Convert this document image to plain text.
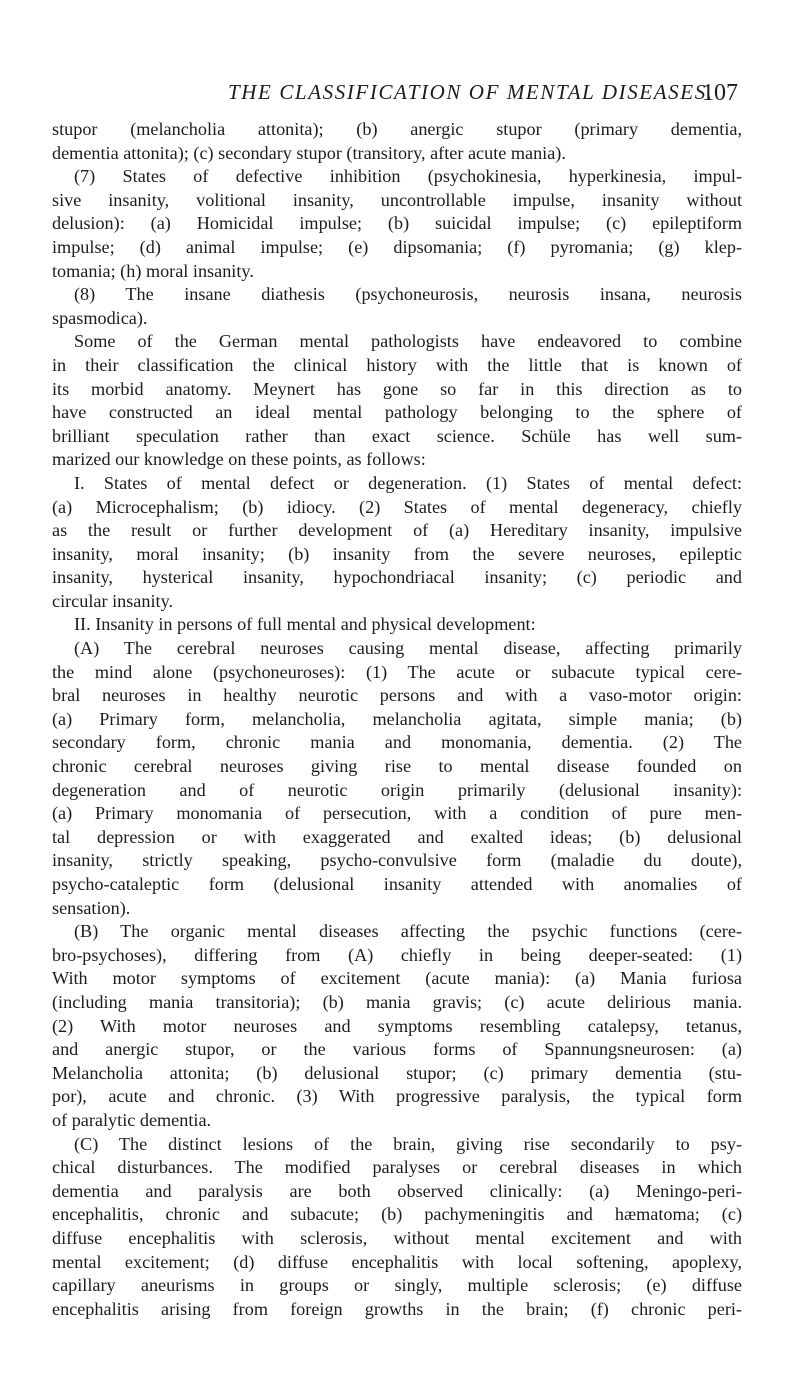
THE CLASSIFICATION OF MENTAL DISEASES.
107
stupor (melancholia attonita); (b) anergic stupor (primary dementia,
dementia attonita); (c) secondary stupor (transitory, after acute mania).
(7) States of defective inhibition (psychokinesia, hyperkinesia, impul-
sive insanity, volitional insanity, uncontrollable impulse, insanity without
delusion): (a) Homicidal impulse; (b) suicidal impulse; (c) epileptiform
impulse; (d) animal impulse; (e) dipsomania; (f) pyromania; (g) klep-
tomania; (h) moral insanity.
(8) The insane diathesis (psychoneurosis, neurosis insana, neurosis
spasmodica).
Some of the German mental pathologists have endeavored to combine
in their classification the clinical history with the little that is known of
its morbid anatomy. Meynert has gone so far in this direction as to
have constructed an ideal mental pathology belonging to the sphere of
brilliant speculation rather than exact science. Schüle has well sum-
marized our knowledge on these points, as follows:
I. States of mental defect or degeneration. (1) States of mental defect:
(a) Microcephalism; (b) idiocy. (2) States of mental degeneracy, chiefly
as the result or further development of (a) Hereditary insanity, impulsive
insanity, moral insanity; (b) insanity from the severe neuroses, epileptic
insanity, hysterical insanity, hypochondriacal insanity; (c) periodic and
circular insanity.
II. Insanity in persons of full mental and physical development:
(A) The cerebral neuroses causing mental disease, affecting primarily
the mind alone (psychoneuroses): (1) The acute or subacute typical cere-
bral neuroses in healthy neurotic persons and with a vaso-motor origin:
(a) Primary form, melancholia, melancholia agitata, simple mania; (b)
secondary form, chronic mania and monomania, dementia. (2) The
chronic cerebral neuroses giving rise to mental disease founded on
degeneration and of neurotic origin primarily (delusional insanity):
(a) Primary monomania of persecution, with a condition of pure men-
tal depression or with exaggerated and exalted ideas; (b) delusional
insanity, strictly speaking, psycho-convulsive form (maladie du doute),
psycho-cataleptic form (delusional insanity attended with anomalies of
sensation).
(B) The organic mental diseases affecting the psychic functions (cere-
bro-psychoses), differing from (A) chiefly in being deeper-seated: (1)
With motor symptoms of excitement (acute mania): (a) Mania furiosa
(including mania transitoria); (b) mania gravis; (c) acute delirious mania.
(2) With motor neuroses and symptoms resembling catalepsy, tetanus,
and anergic stupor, or the various forms of Spannungsneurosen: (a)
Melancholia attonita; (b) delusional stupor; (c) primary dementia (stu-
por), acute and chronic. (3) With progressive paralysis, the typical form
of paralytic dementia.
(C) The distinct lesions of the brain, giving rise secondarily to psy-
chical disturbances. The modified paralyses or cerebral diseases in which
dementia and paralysis are both observed clinically: (a) Meningo-peri-
encephalitis, chronic and subacute; (b) pachymeningitis and hæmatoma; (c)
diffuse encephalitis with sclerosis, without mental excitement and with
mental excitement; (d) diffuse encephalitis with local softening, apoplexy,
capillary aneurisms in groups or singly, multiple sclerosis; (e) diffuse
encephalitis arising from foreign growths in the brain; (f) chronic peri-
